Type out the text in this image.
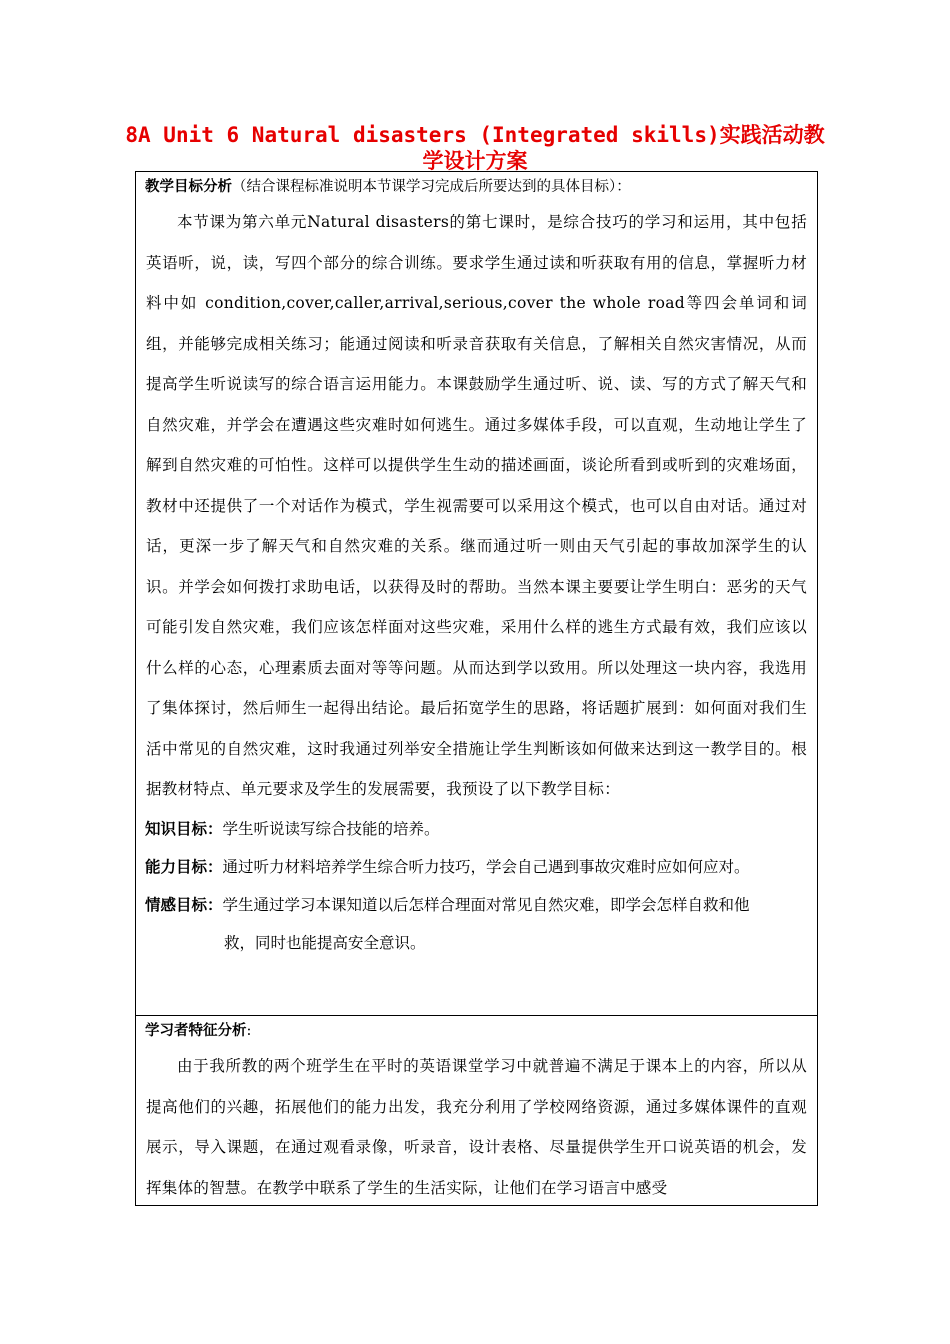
8A Unit 6 Natural disasters (Integrated skills)实践活动教学设计方案
教学目标分析（结合课程标准说明本节课学习完成后所要达到的具体目标）：
本节课为第六单元Natural disasters的第七课时，是综合技巧的学习和运用，其中包括英语听，说，读，写四个部分的综合训练。要求学生通过读和听获取有用的信息，掌握听力材料中如 condition,cover,caller,arrival,serious,cover the whole road等四会单词和词组，并能够完成相关练习；能通过阅读和听录音获取有关信息，了解相关自然灾害情况，从而提高学生听说读写的综合语言运用能力。本课鼓励学生通过听、说、读、写的方式了解天气和自然灾难，并学会在遭遇这些灾难时如何逃生。通过多媒体手段，可以直观，生动地让学生了解到自然灾难的可怕性。这样可以提供学生生动的描述画面，谈论所看到或听到的灾难场面，教材中还提供了一个对话作为模式，学生视需要可以采用这个模式，也可以自由对话。通过对话，更深一步了解天气和自然灾难的关系。继而通过听一则由天气引起的事故加深学生的认识。并学会如何拨打求助电话，以获得及时的帮助。当然本课主要要让学生明白：恶劣的天气可能引发自然灾难，我们应该怎样面对这些灾难，采用什么样的逃生方式最有效，我们应该以什么样的心态，心理素质去面对等等问题。从而达到学以致用。所以处理这一块内容，我选用了集体探讨，然后师生一起得出结论。最后拓宽学生的思路，将话题扩展到：如何面对我们生活中常见的自然灾难，这时我通过列举安全措施让学生判断该如何做来达到这一教学目的。根据教材特点、单元要求及学生的发展需要，我预设了以下教学目标：
知识目标：学生听说读写综合技能的培养。
能力目标：通过听力材料培养学生综合听力技巧，学会自己遇到事故灾难时应如何应对。
情感目标：学生通过学习本课知道以后怎样合理面对常见自然灾难，即学会怎样自救和他
救，同时也能提高安全意识。
学习者特征分析:
由于我所教的两个班学生在平时的英语课堂学习中就普遍不满足于课本上的内容，所以从提高他们的兴趣，拓展他们的能力出发，我充分利用了学校网络资源，通过多媒体课件的直观展示，导入课题，在通过观看录像，听录音，设计表格、尽量提供学生开口说英语的机会，发挥集体的智慧。在教学中联系了学生的生活实际，让他们在学习语言中感受
